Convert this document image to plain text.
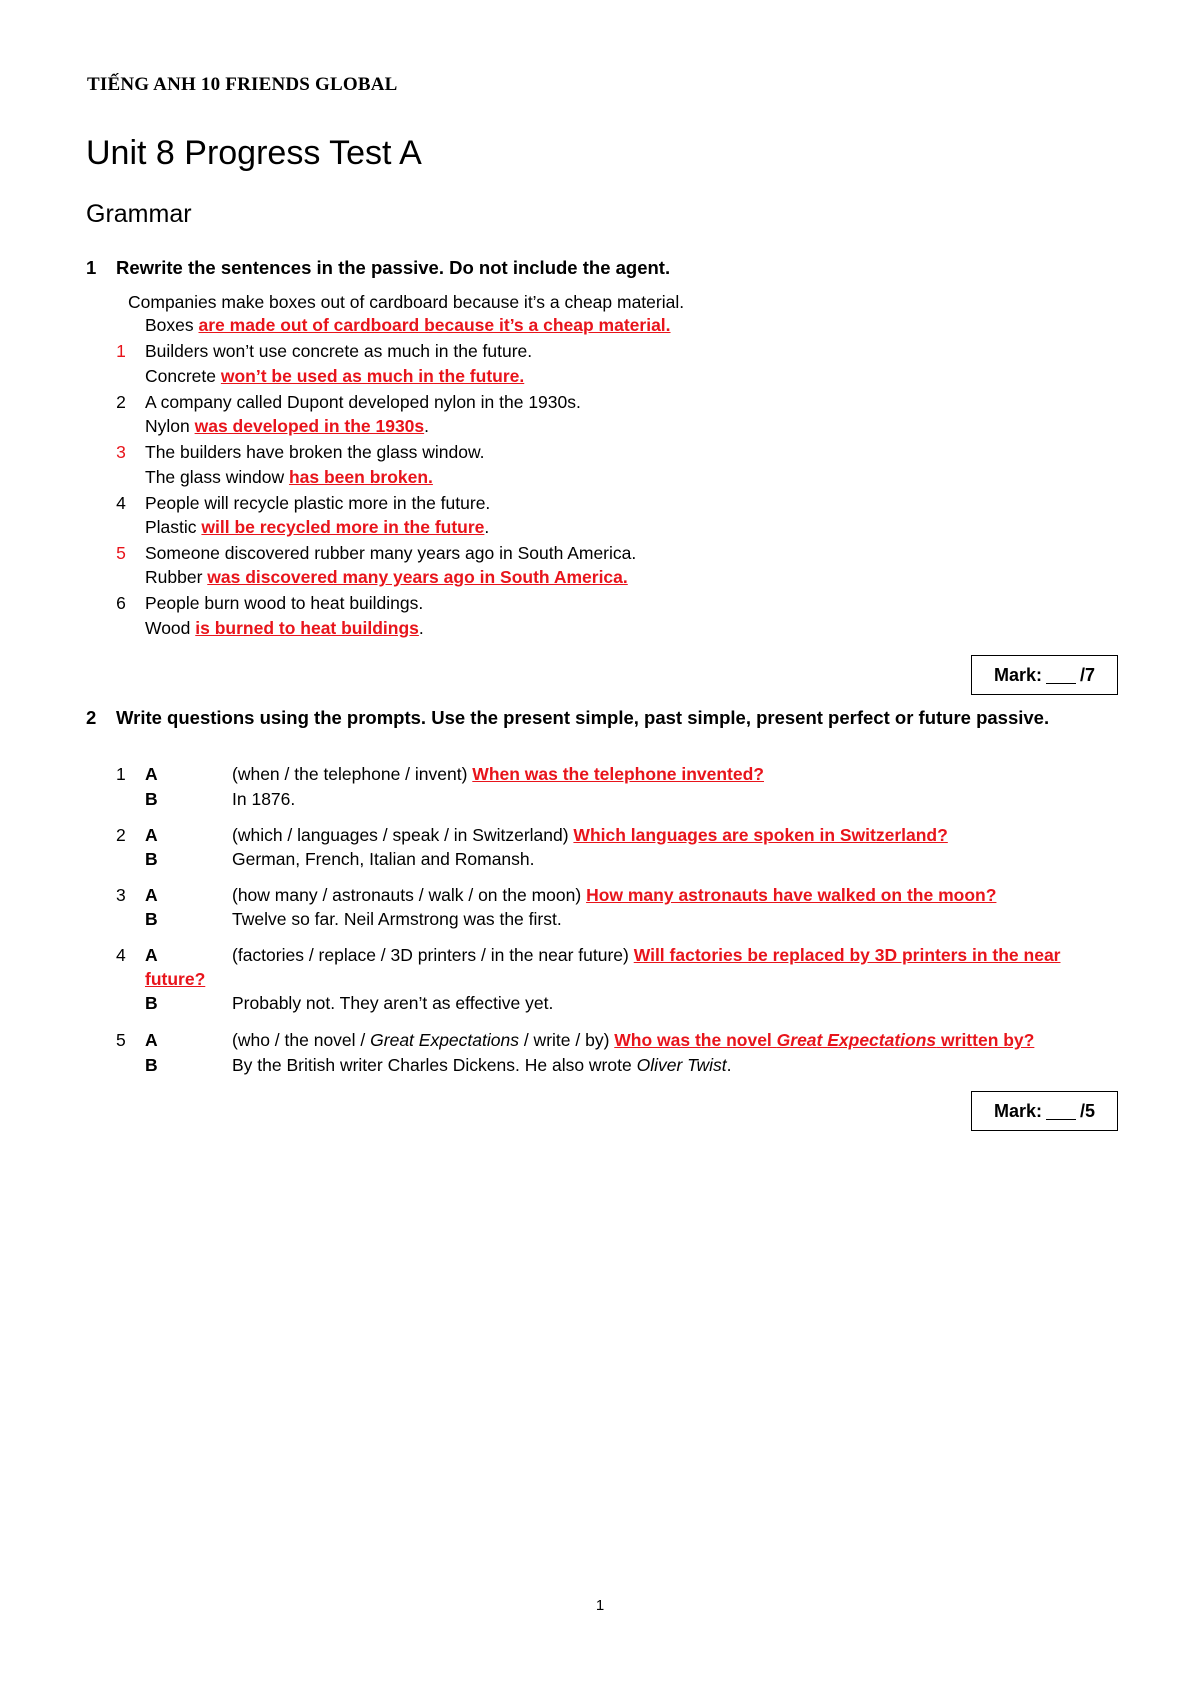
TIẾNG ANH 10 FRIENDS GLOBAL
Unit 8 Progress Test A
Grammar
1 Rewrite the sentences in the passive. Do not include the agent.
Companies make boxes out of cardboard because it’s a cheap material.
Boxes are made out of cardboard because it’s a cheap material.
1 Builders won’t use concrete as much in the future.
Concrete won’t be used as much in the future.
2 A company called Dupont developed nylon in the 1930s.
Nylon was developed in the 1930s.
3 The builders have broken the glass window.
The glass window has been broken.
4 People will recycle plastic more in the future.
Plastic will be recycled more in the future.
5 Someone discovered rubber many years ago in South America.
Rubber was discovered many years ago in South America.
6 People burn wood to heat buildings.
Wood is burned to heat buildings.
Mark: /7
2 Write questions using the prompts. Use the present simple, past simple, present perfect or future passive.
1 A	(when / the telephone / invent) When was the telephone invented?
B	In 1876.
2 A	(which / languages / speak / in Switzerland) Which languages are spoken in Switzerland?
B	German, French, Italian and Romansh.
3 A	(how many / astronauts / walk / on the moon) How many astronauts have walked on the moon?
B	Twelve so far. Neil Armstrong was the first.
4 A	(factories / replace / 3D printers / in the near future) Will factories be replaced by 3D printers in the near
future?
B	Probably not. They aren’t as effective yet.
5 A	(who / the novel / Great Expectations / write / by) Who was the novel Great Expectations written by?
B	By the British writer Charles Dickens. He also wrote Oliver Twist.
Mark: /5
1
